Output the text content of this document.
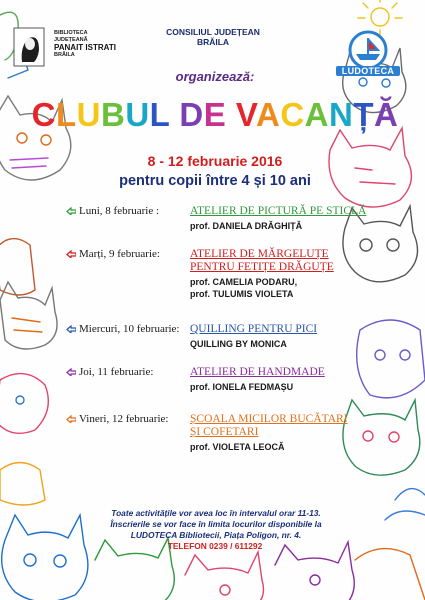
BIBLIOTECA JUDEȚEANĂ
PANAIT ISTRATI
BRĂILA
CONSILIUL JUDEȚEAN
BRĂILA
LUDOTECA
organizează:
CLUBUL DE VACANȚĂ
8 - 12 februarie 2016
pentru copii între 4 și 10 ani
Luni, 8 februarie :	ATELIER DE PICTURĂ PE STICLĂ
prof. DANIELA DRĂGHIȚĂ
Marți, 9 februarie:	ATELIER DE MĂRGELUȚE
PENTRU FETIȚE DRĂGUȚE
prof. CAMELIA PODARU,
prof. TULUMIS VIOLETA
Miercuri, 10 februarie: QUILLING PENTRU PICI
QUILLING BY MONICA
Joi, 11 februarie:	ATELIER DE HANDMADE
prof. IONELA FEDMAȘU
Vineri, 12 februarie: ȘCOALA MICILOR BUCĂTARI
ȘI COFETARI
prof. VIOLETA LEOCĂ
Toate activitățile vor avea loc în intervalul orar 11-13.
Înscrierile se vor face în limita locurilor disponibile la
LUDOTECA Bibliotecii, Piața Poligon, nr. 4.
TELEFON 0239 / 611292
